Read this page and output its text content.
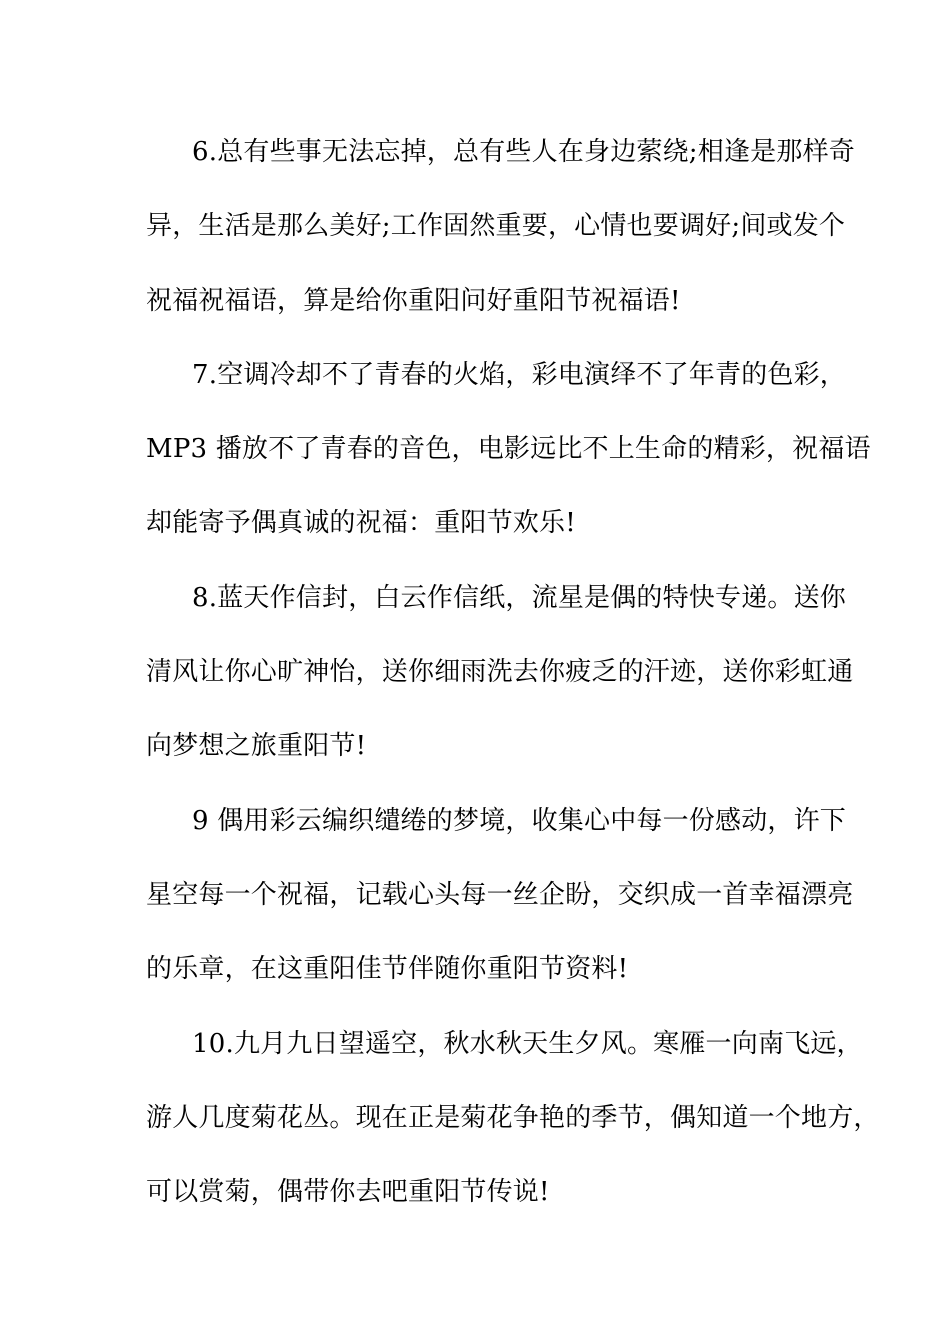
6.总有些事无法忘掉，总有些人在身边萦绕;相逢是那样奇
异，生活是那么美好;工作固然重要，心情也要调好;间或发个
祝福祝福语，算是给你重阳问好重阳节祝福语!
7.空调冷却不了青春的火焰，彩电演绎不了年青的色彩，
MP3 播放不了青春的音色，电影远比不上生命的精彩，祝福语
却能寄予偶真诚的祝福：重阳节欢乐!
8.蓝天作信封，白云作信纸，流星是偶的特快专递。送你
清风让你心旷神怡，送你细雨洗去你疲乏的汗迹，送你彩虹通
向梦想之旅重阳节!
9 偶用彩云编织缱绻的梦境，收集心中每一份感动，许下
星空每一个祝福，记载心头每一丝企盼，交织成一首幸福漂亮
的乐章，在这重阳佳节伴随你重阳节资料!
10.九月九日望遥空，秋水秋天生夕风。寒雁一向南飞远，
游人几度菊花丛。现在正是菊花争艳的季节，偶知道一个地方，
可以赏菊，偶带你去吧重阳节传说!
